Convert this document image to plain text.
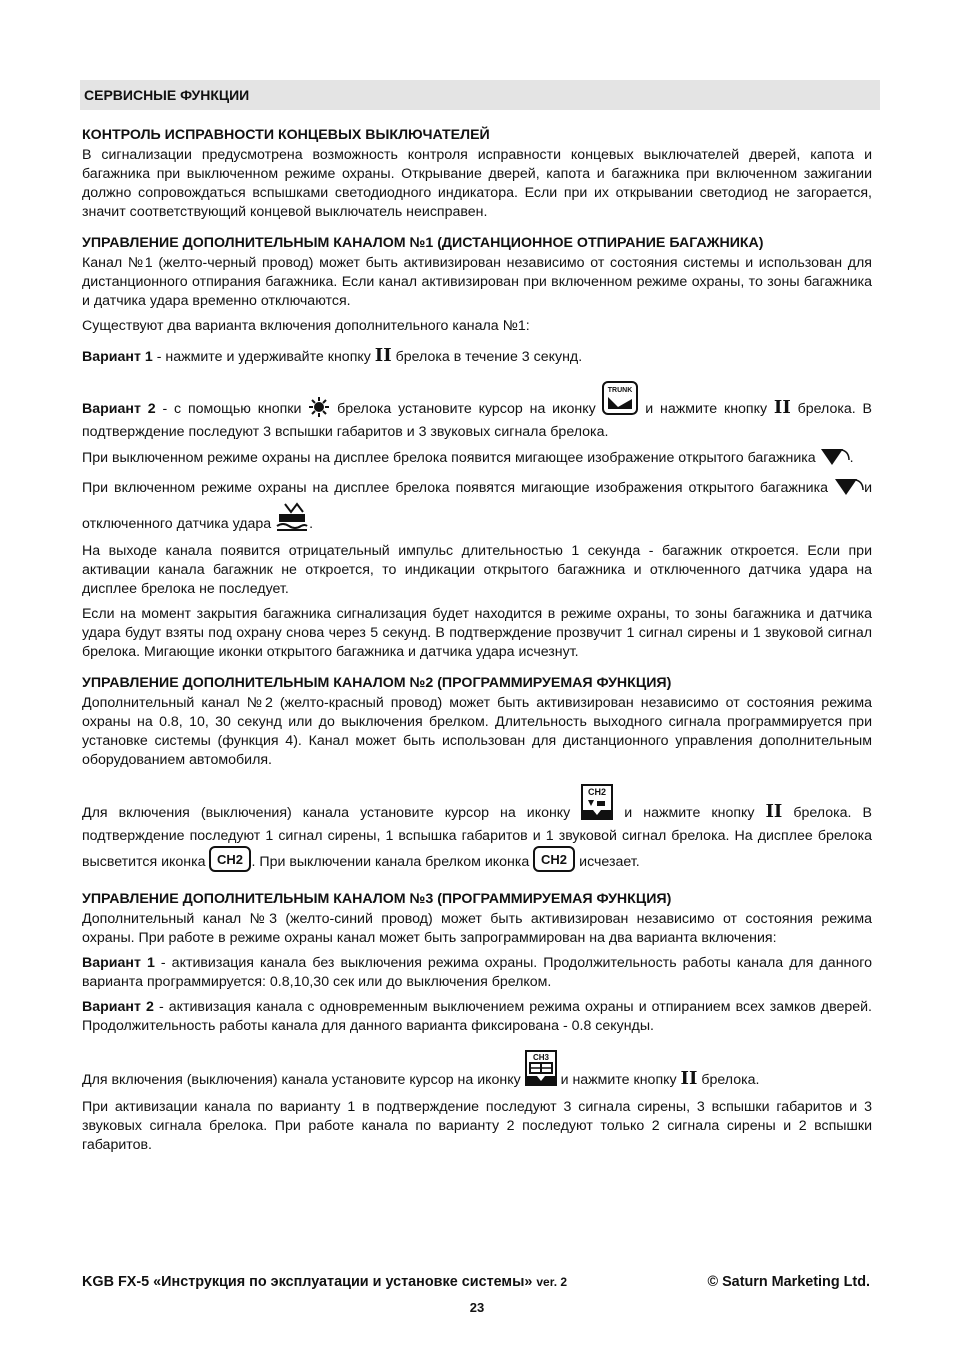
СЕРВИСНЫЕ ФУНКЦИИ
КОНТРОЛЬ ИСПРАВНОСТИ КОНЦЕВЫХ ВЫКЛЮЧАТЕЛЕЙ

В сигнализации предусмотрена возможность контроля исправности концевых выключателей дверей, капота и багажника при выключенном режиме охраны. Открывание дверей, капота и багажника при включенном зажигании должно сопровождаться вспышками светодиодного индикатора. Если при их открывании светодиод не загорается, значит соответствующий концевой выключатель неисправен.

УПРАВЛЕНИЕ ДОПОЛНИТЕЛЬНЫМ КАНАЛОМ №1 (ДИСТАНЦИОННОЕ ОТПИРАНИЕ БАГАЖНИКА)

Канал №1 (желто-черный провод) может быть активизирован независимо от состояния системы и использован для дистанционного отпирания багажника. Если канал активизирован при включенном режиме охраны, то зоны багажника и датчика удара временно отключаются.

Существуют два варианта включения дополнительного канала №1:

Вариант 1 - нажмите и удерживайте кнопку II брелока в течение 3 секунд.

Вариант 2 - с помощью кнопки  брелока установите курсор на иконку
TRUNK
и нажмите кнопку II брелока. В подтверждение последуют 3 вспышки габаритов и 3 звуковых сигнала брелока.

При выключенном режиме охраны на дисплее брелока появится мигающее изображение открытого багажника .

При включенном режиме охраны на дисплее брелока появятся мигающие изображения открытого багажника и отключенного датчика удара .

На выходе канала появится отрицательный импульс длительностью 1 секунда - багажник откроется. Если при активации канала багажник не откроется, то индикации открытого багажника и отключенного датчика удара на дисплее брелока не последует.

Если на момент закрытия багажника сигнализация будет находится в режиме охраны, то зоны багажника и датчика удара будут взяты под охрану снова через 5 секунд. В подтверждение прозвучит 1 сигнал сирены и 1 звуковой сигнал брелока. Мигающие иконки открытого багажника и датчика удара исчезнут.

УПРАВЛЕНИЕ ДОПОЛНИТЕЛЬНЫМ КАНАЛОМ №2 (ПРОГРАММИРУЕМАЯ ФУНКЦИЯ)

Дополнительный канал №2 (желто-красный провод) может быть активизирован независимо от состояния режима охраны на 0.8, 10, 30 секунд или до выключения брелком. Длительность выходного сигнала программируется при установке системы (функция 4). Канал может быть использован для дистанционного управления дополнительным оборудованием автомобиля.

Для включения (выключения) канала установите курсор на иконку
CH2
и нажмите кнопку II брелока. В подтверждение последуют 1 сигнал сирены, 1 вспышка габаритов и 1 звуковой сигнал брелока. На дисплее брелока высветится иконка CH2 . При выключении канала брелком иконка CH2 исчезает.

УПРАВЛЕНИЕ ДОПОЛНИТЕЛЬНЫМ КАНАЛОМ №3 (ПРОГРАММИРУЕМАЯ ФУНКЦИЯ)

Дополнительный канал №3 (желто-синий провод) может быть активизирован независимо от состояния режима охраны. При работе в режиме охраны канал может быть запрограммирован на два варианта включения:

Вариант 1 - активизация канала без выключения режима охраны. Продолжительность работы канала для данного варианта программируется: 0.8,10,30 сек или до выключения брелком.

Вариант 2 - активизация канала с одновременным выключением режима охраны и отпиранием всех замков дверей. Продолжительность работы канала для данного варианта фиксирована - 0.8 секунды.

Для включения (выключения) канала установите курсор на иконку
CH3
и нажмите кнопку II брелока.

При активизации канала по варианту 1 в подтверждение последуют 3 сигнала сирены, 3 вспышки габаритов и 3 звуковых сигнала брелока. При работе канала по варианту 2 последуют только 2 сигнала сирены и 2 вспышки габаритов.

KGB FX-5 «Инструкция по эксплуатации и установке системы» ver. 2	© Saturn Marketing Ltd.
23
